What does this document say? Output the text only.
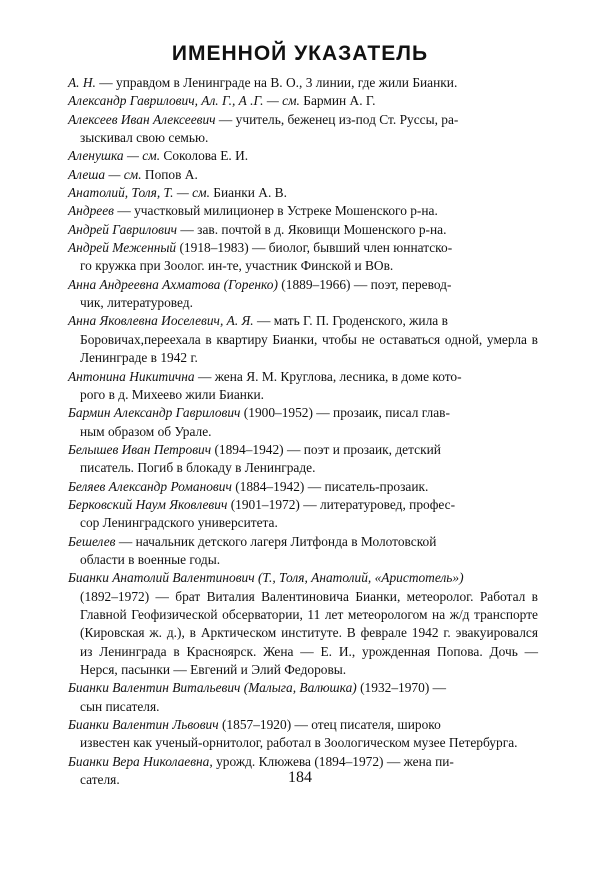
ИМЕННОЙ УКАЗАТЕЛЬ
А. Н. — управдом в Ленинграде на В. О., 3 линии, где жили Бианки.
Александр Гаврилович, Ал. Г., А .Г. — см. Бармин А. Г.
Алексеев Иван Алексеевич — учитель, беженец из-под Ст. Руссы, ра-
зыскивал свою семью.
Аленушка — см. Соколова Е. И.
Алеша — см. Попов А.
Анатолий, Толя, Т. — см. Бианки А. В.
Андреев — участковый милиционер в Устреке Мошенского р-на.
Андрей Гаврилович — зав. почтой в д. Яковищи Мошенского р-на.
Андрей Меженный (1918–1983) — биолог, бывший член юннатско-
го кружка при Зоолог. ин-те, участник Финской и ВОв.
Анна Андреевна Ахматова (Горенко) (1889–1966) — поэт, перевод-
чик, литературовед.
Анна Яковлевна Иоселевич, А. Я. — мать Г. П. Гроденского, жила в
Боровичах,переехала в квартиру Бианки, чтобы не оставаться одной, умерла в Ленинграде в 1942 г.
Антонина Никитична — жена Я. М. Круглова, лесника, в доме кото-
рого в д. Михеево жили Бианки.
Бармин Александр Гаврилович (1900–1952) — прозаик, писал глав-
ным образом об Урале.
Белышев Иван Петрович (1894–1942) — поэт и прозаик, детский
писатель. Погиб в блокаду в Ленинграде.
Беляев Александр Романович (1884–1942) — писатель-прозаик.
Берковский Наум Яковлевич (1901–1972) — литературовед, профес-
сор Ленинградского университета.
Бешелев — начальник детского лагеря Литфонда в Молотовской
области в военные годы.
Бианки Анатолий Валентинович (Т., Толя, Анатолий, «Аристотель»)
(1892–1972) — брат Виталия Валентиновича Бианки, метеоролог. Работал в Главной Геофизической обсерватории, 11 лет метеорологом на ж/д транспорте (Кировская ж. д.), в Арктическом институте. В феврале 1942 г. эвакуировался из Ленинграда в Красноярск. Жена — Е. И., урожденная Попова. Дочь — Нерся, пасынки — Евгений и Элий Федоровы.
Бианки Валентин Витальевич (Малыга, Валюшка) (1932–1970) —
сын писателя.
Бианки Валентин Львович (1857–1920) — отец писателя, широко
известен как ученый-орнитолог, работал в Зоологическом музее Петербурга.
Бианки Вера Николаевна, урожд. Клюжева (1894–1972) — жена пи-
сателя.	184
